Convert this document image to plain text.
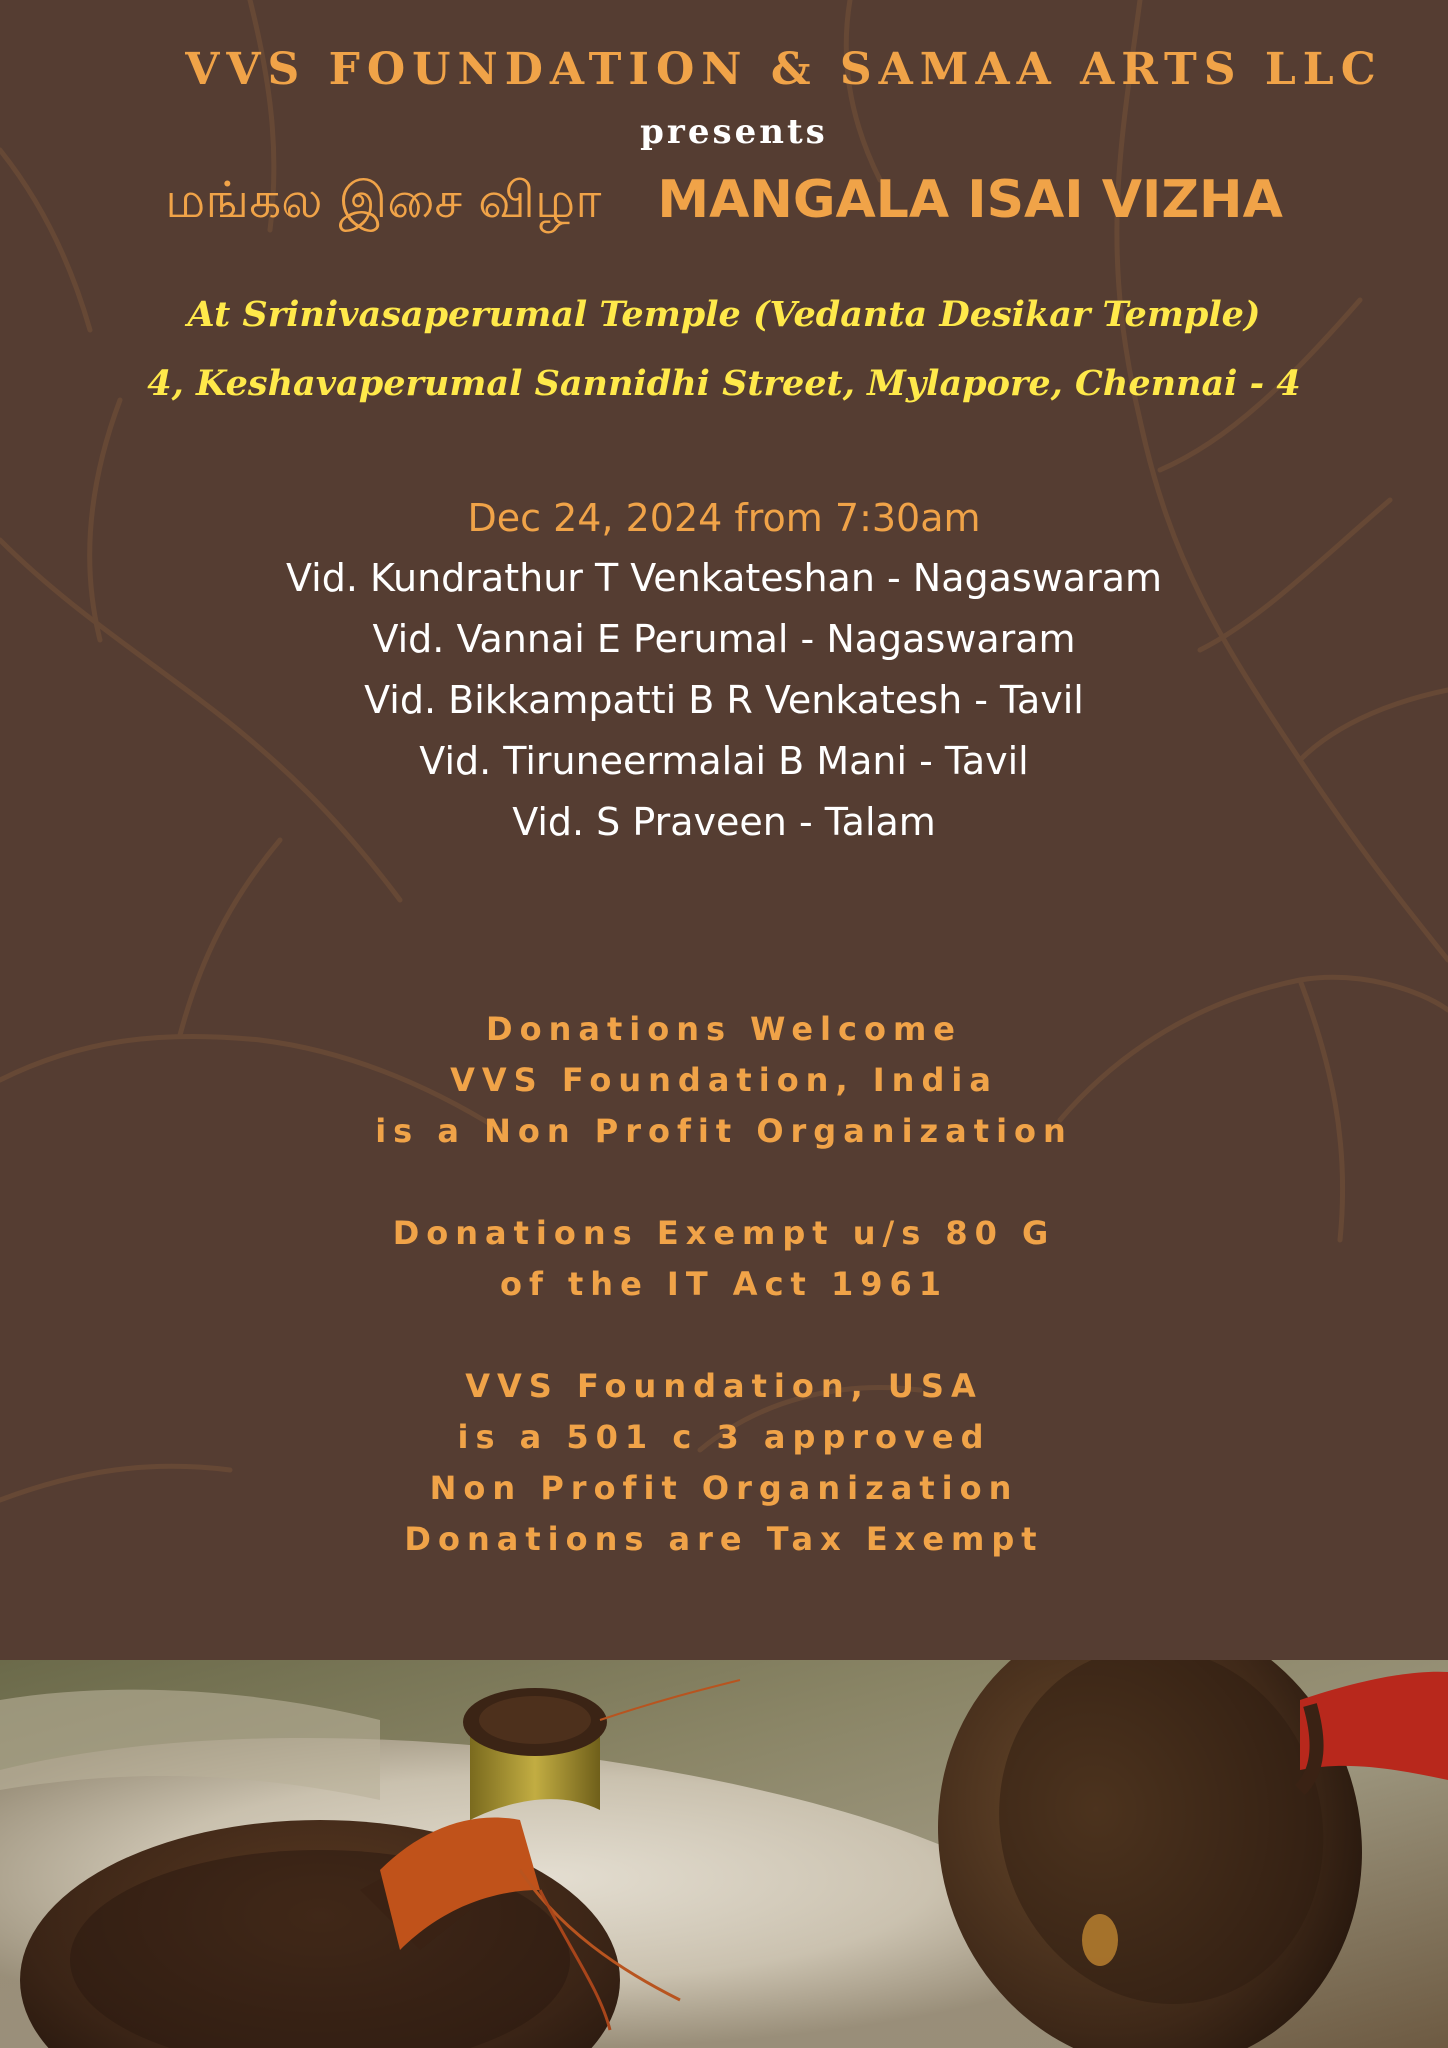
VVS FOUNDATION & SAMAA ARTS LLC
presents
மங்கல இசை விழா MANGALA ISAI VIZHA
At Srinivasaperumal Temple (Vedanta Desikar Temple)
4, Keshavaperumal Sannidhi Street, Mylapore, Chennai - 4
Dec 24, 2024 from 7:30am
Vid. Kundrathur T Venkateshan - Nagaswaram
Vid. Vannai E Perumal - Nagaswaram
Vid. Bikkampatti B R Venkatesh - Tavil
Vid. Tiruneermalai B Mani - Tavil
Vid. S Praveen - Talam
Donations Welcome
VVS Foundation, India
is a Non Profit Organization
Donations Exempt u/s 80 G
of the IT Act 1961
VVS Foundation, USA
is a 501 c 3 approved
Non Profit Organization
Donations are Tax Exempt
